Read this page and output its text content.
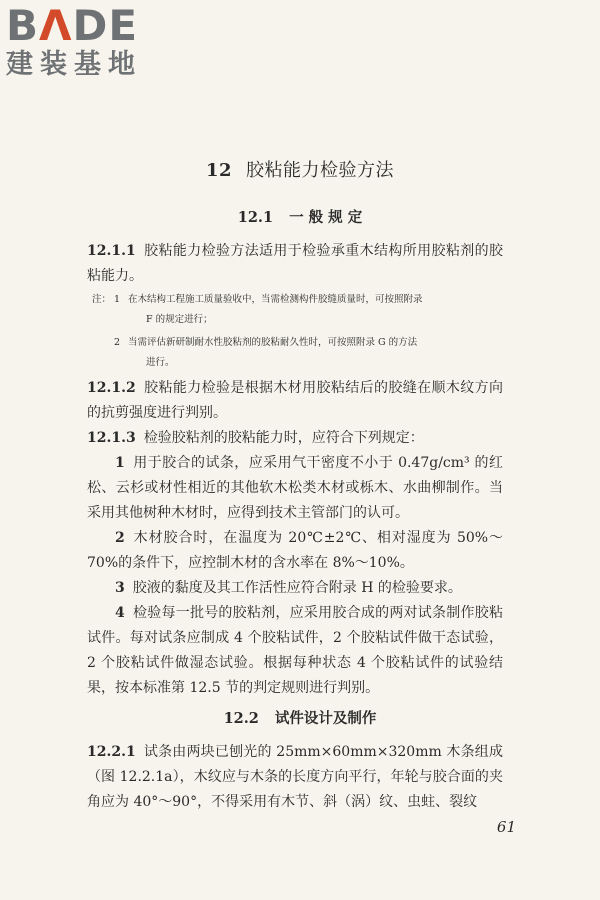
BΛDE
建装基地
12 胶粘能力检验方法
12.1 一 般 规 定
12.1.1 胶粘能力检验方法适用于检验承重木结构所用胶粘剂的胶粘能力。
注： 1 在木结构工程施工质量验收中，当需检测构件胶缝质量时，可按照附录
F 的规定进行；
2 当需评估新研制耐水性胶粘剂的胶粘耐久性时，可按照附录 G 的方法
进行。
12.1.2 胶粘能力检验是根据木材用胶粘结后的胶缝在顺木纹方向的抗剪强度进行判别。
12.1.3 检验胶粘剂的胶粘能力时，应符合下列规定：
1 用于胶合的试条，应采用气干密度不小于 0.47g/cm³ 的红松、云杉或材性相近的其他软木松类木材或栎木、水曲柳制作。当采用其他树种木材时，应得到技术主管部门的认可。
2 木材胶合时，在温度为 20℃±2℃、相对湿度为 50%～70%的条件下，应控制木材的含水率在 8%～10%。
3 胶液的黏度及其工作活性应符合附录 H 的检验要求。
4 检验每一批号的胶粘剂，应采用胶合成的两对试条制作胶粘试件。每对试条应制成 4 个胶粘试件，2 个胶粘试件做干态试验，2 个胶粘试件做湿态试验。根据每种状态 4 个胶粘试件的试验结果，按本标准第 12.5 节的判定规则进行判别。
12.2 试件设计及制作
12.2.1 试条由两块已刨光的 25mm×60mm×320mm 木条组成（图 12.2.1a），木纹应与木条的长度方向平行，年轮与胶合面的夹角应为 40°～90°，不得采用有木节、斜（涡）纹、虫蛀、裂纹
61
